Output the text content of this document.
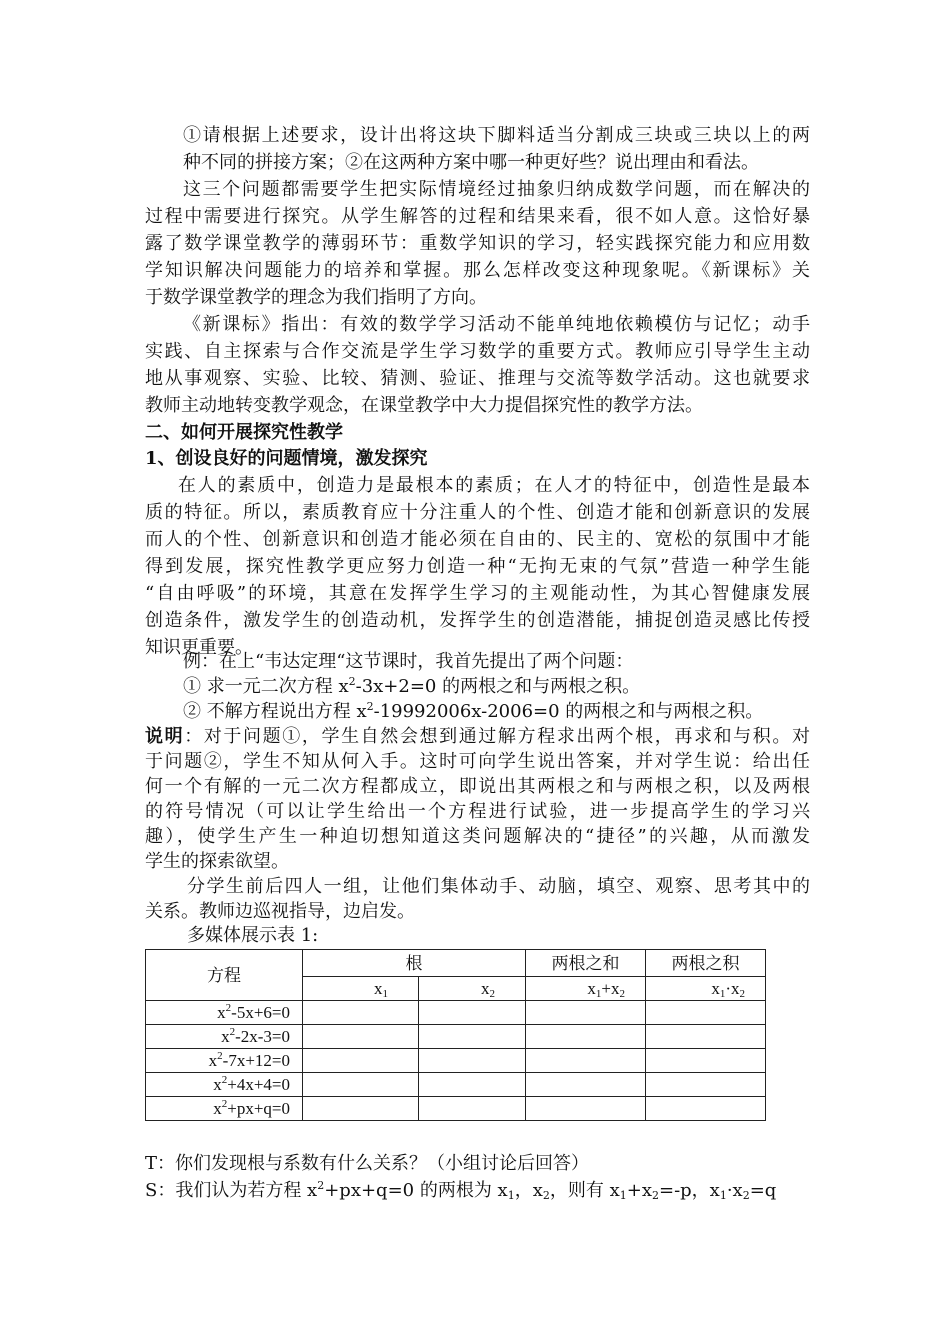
①请根据上述要求，设计出将这块下脚料适当分割成三块或三块以上的两
种不同的拼接方案；②在这两种方案中哪一种更好些？说出理由和看法。
这三个问题都需要学生把实际情境经过抽象归纳成数学问题，而在解决的
过程中需要进行探究。从学生解答的过程和结果来看，很不如人意。这恰好暴
露了数学课堂教学的薄弱环节：重数学知识的学习，轻实践探究能力和应用数
学知识解决问题能力的培养和掌握。那么怎样改变这种现象呢。《新课标》关
于数学课堂教学的理念为我们指明了方向。
《新课标》指出：有效的数学学习活动不能单纯地依赖模仿与记忆；动手
实践、自主探索与合作交流是学生学习数学的重要方式。教师应引导学生主动
地从事观察、实验、比较、猜测、验证、推理与交流等数学活动。这也就要求
教师主动地转变教学观念，在课堂教学中大力提倡探究性的教学方法。
二、如何开展探究性教学
1、创设良好的问题情境，激发探究
在人的素质中，创造力是最根本的素质；在人才的特征中，创造性是最本
质的特征。所以，素质教育应十分注重人的个性、创造才能和创新意识的发展
而人的个性、创新意识和创造才能必须在自由的、民主的、宽松的氛围中才能
得到发展，探究性教学更应努力创造一种“无拘无束的气氛”营造一种学生能
“自由呼吸”的环境，其意在发挥学生学习的主观能动性，为其心智健康发展
创造条件，激发学生的创造动机，发挥学生的创造潜能，捕捉创造灵感比传授
知识更重要。
例：在上“韦达定理“这节课时，我首先提出了两个问题：
① 求一元二次方程 $x^2-3x+2=0$ 的两根之和与两根之积。
② 不解方程说出方程 $x^2-19992006x-2006=0$ 的两根之和与两根之积。
说明：对于问题①，学生自然会想到通过解方程求出两个根，再求和与积。对
于问题②，学生不知从何入手。这时可向学生说出答案，并对学生说：给出任
何一个有解的一元二次方程都成立，即说出其两根之和与两根之积，以及两根
的符号情况（可以让学生给出一个方程进行试验，进一步提高学生的学习兴
趣），使学生产生一种迫切想知道这类问题解决的“捷径”的兴趣，从而激发
学生的探索欲望。
分学生前后四人一组，让他们集体动手、动脑，填空、观察、思考其中的
关系。教师边巡视指导，边启发。
多媒体展示表 1:
方程	根		两根之和	两根之积
	$x_1$	$x_2$	$x_1+x_2$	$x_1\cdot x_2$
$x^2-5x+6=0$				
$x^2-2x-3=0$				
$x^2-7x+12=0$				
$x^2+4x+4=0$				
$x^2+px+q=0$				
T：你们发现根与系数有什么关系？（小组讨论后回答）
S：我们认为若方程 $x^2+px+q=0$ 的两根为 $x_1$，$x_2$，则有 $x_1+x_2=-p$，$x_1\cdot x_2=q$
